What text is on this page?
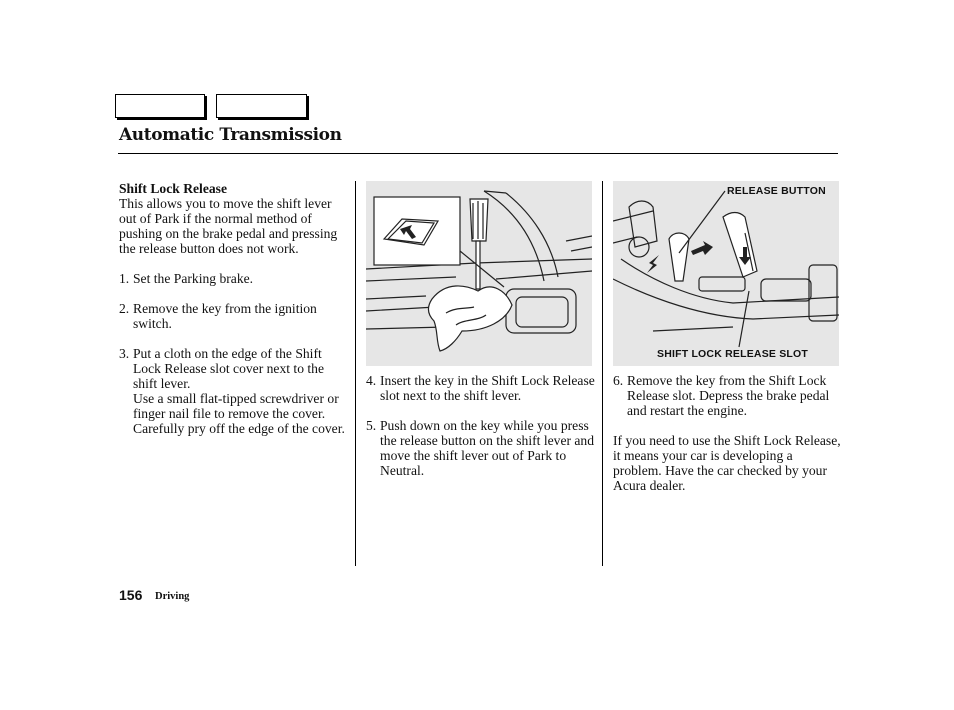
Automatic Transmission

Shift Lock Release

This allows you to move the shift lever out of Park if the normal method of pushing on the brake pedal and pressing the release button does not work.

1. Set the Parking brake.
2. Remove the key from the ignition switch.
3. Put a cloth on the edge of the Shift Lock Release slot cover next to the shift lever.
Use a small flat-tipped screwdriver or finger nail file to remove the cover. Carefully pry off the edge of the cover.
4. Insert the key in the Shift Lock Release slot next to the shift lever.
5. Push down on the key while you press the release button on the shift lever and move the shift lever out of Park to Neutral.
RELEASE BUTTON
SHIFT LOCK RELEASE SLOT
6. Remove the key from the Shift Lock Release slot. Depress the brake pedal and restart the engine.

If you need to use the Shift Lock Release, it means your car is developing a problem. Have the car checked by your Acura dealer.

156 Driving
